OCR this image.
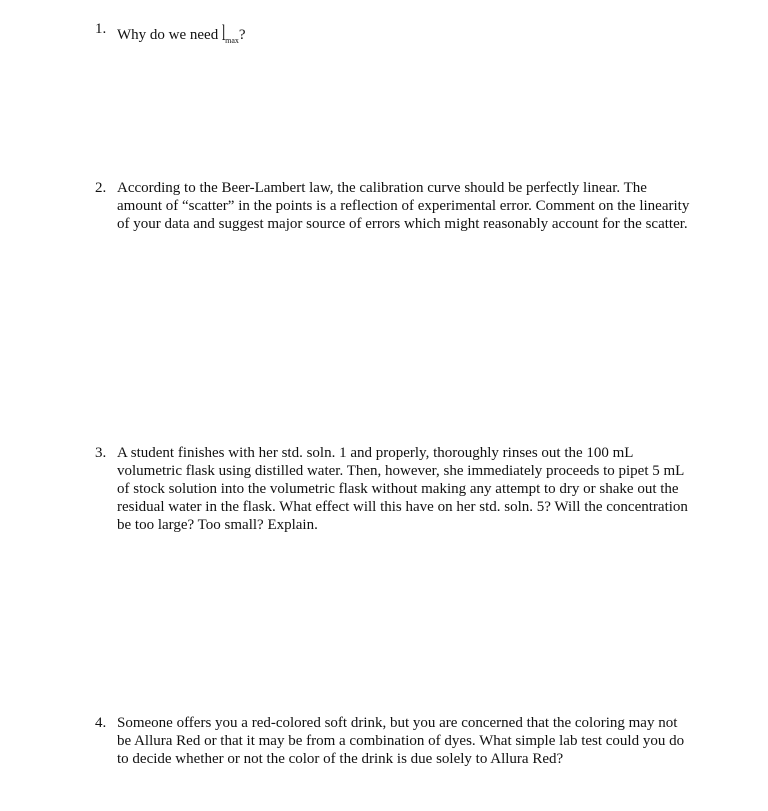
1. Why do we need $l_{max}$?
2. According to the Beer-Lambert law, the calibration curve should be perfectly linear. The
amount of “scatter” in the points is a reflection of experimental error. Comment on the linearity
of your data and suggest major source of errors which might reasonably account for the scatter.
3. A student finishes with her std. soln. 1 and properly, thoroughly rinses out the 100 mL
volumetric flask using distilled water. Then, however, she immediately proceeds to pipet 5 mL
of stock solution into the volumetric flask without making any attempt to dry or shake out the
residual water in the flask. What effect will this have on her std. soln. 5? Will the concentration
be too large? Too small? Explain.
4. Someone offers you a red-colored soft drink, but you are concerned that the coloring may not
be Allura Red or that it may be from a combination of dyes. What simple lab test could you do
to decide whether or not the color of the drink is due solely to Allura Red?
